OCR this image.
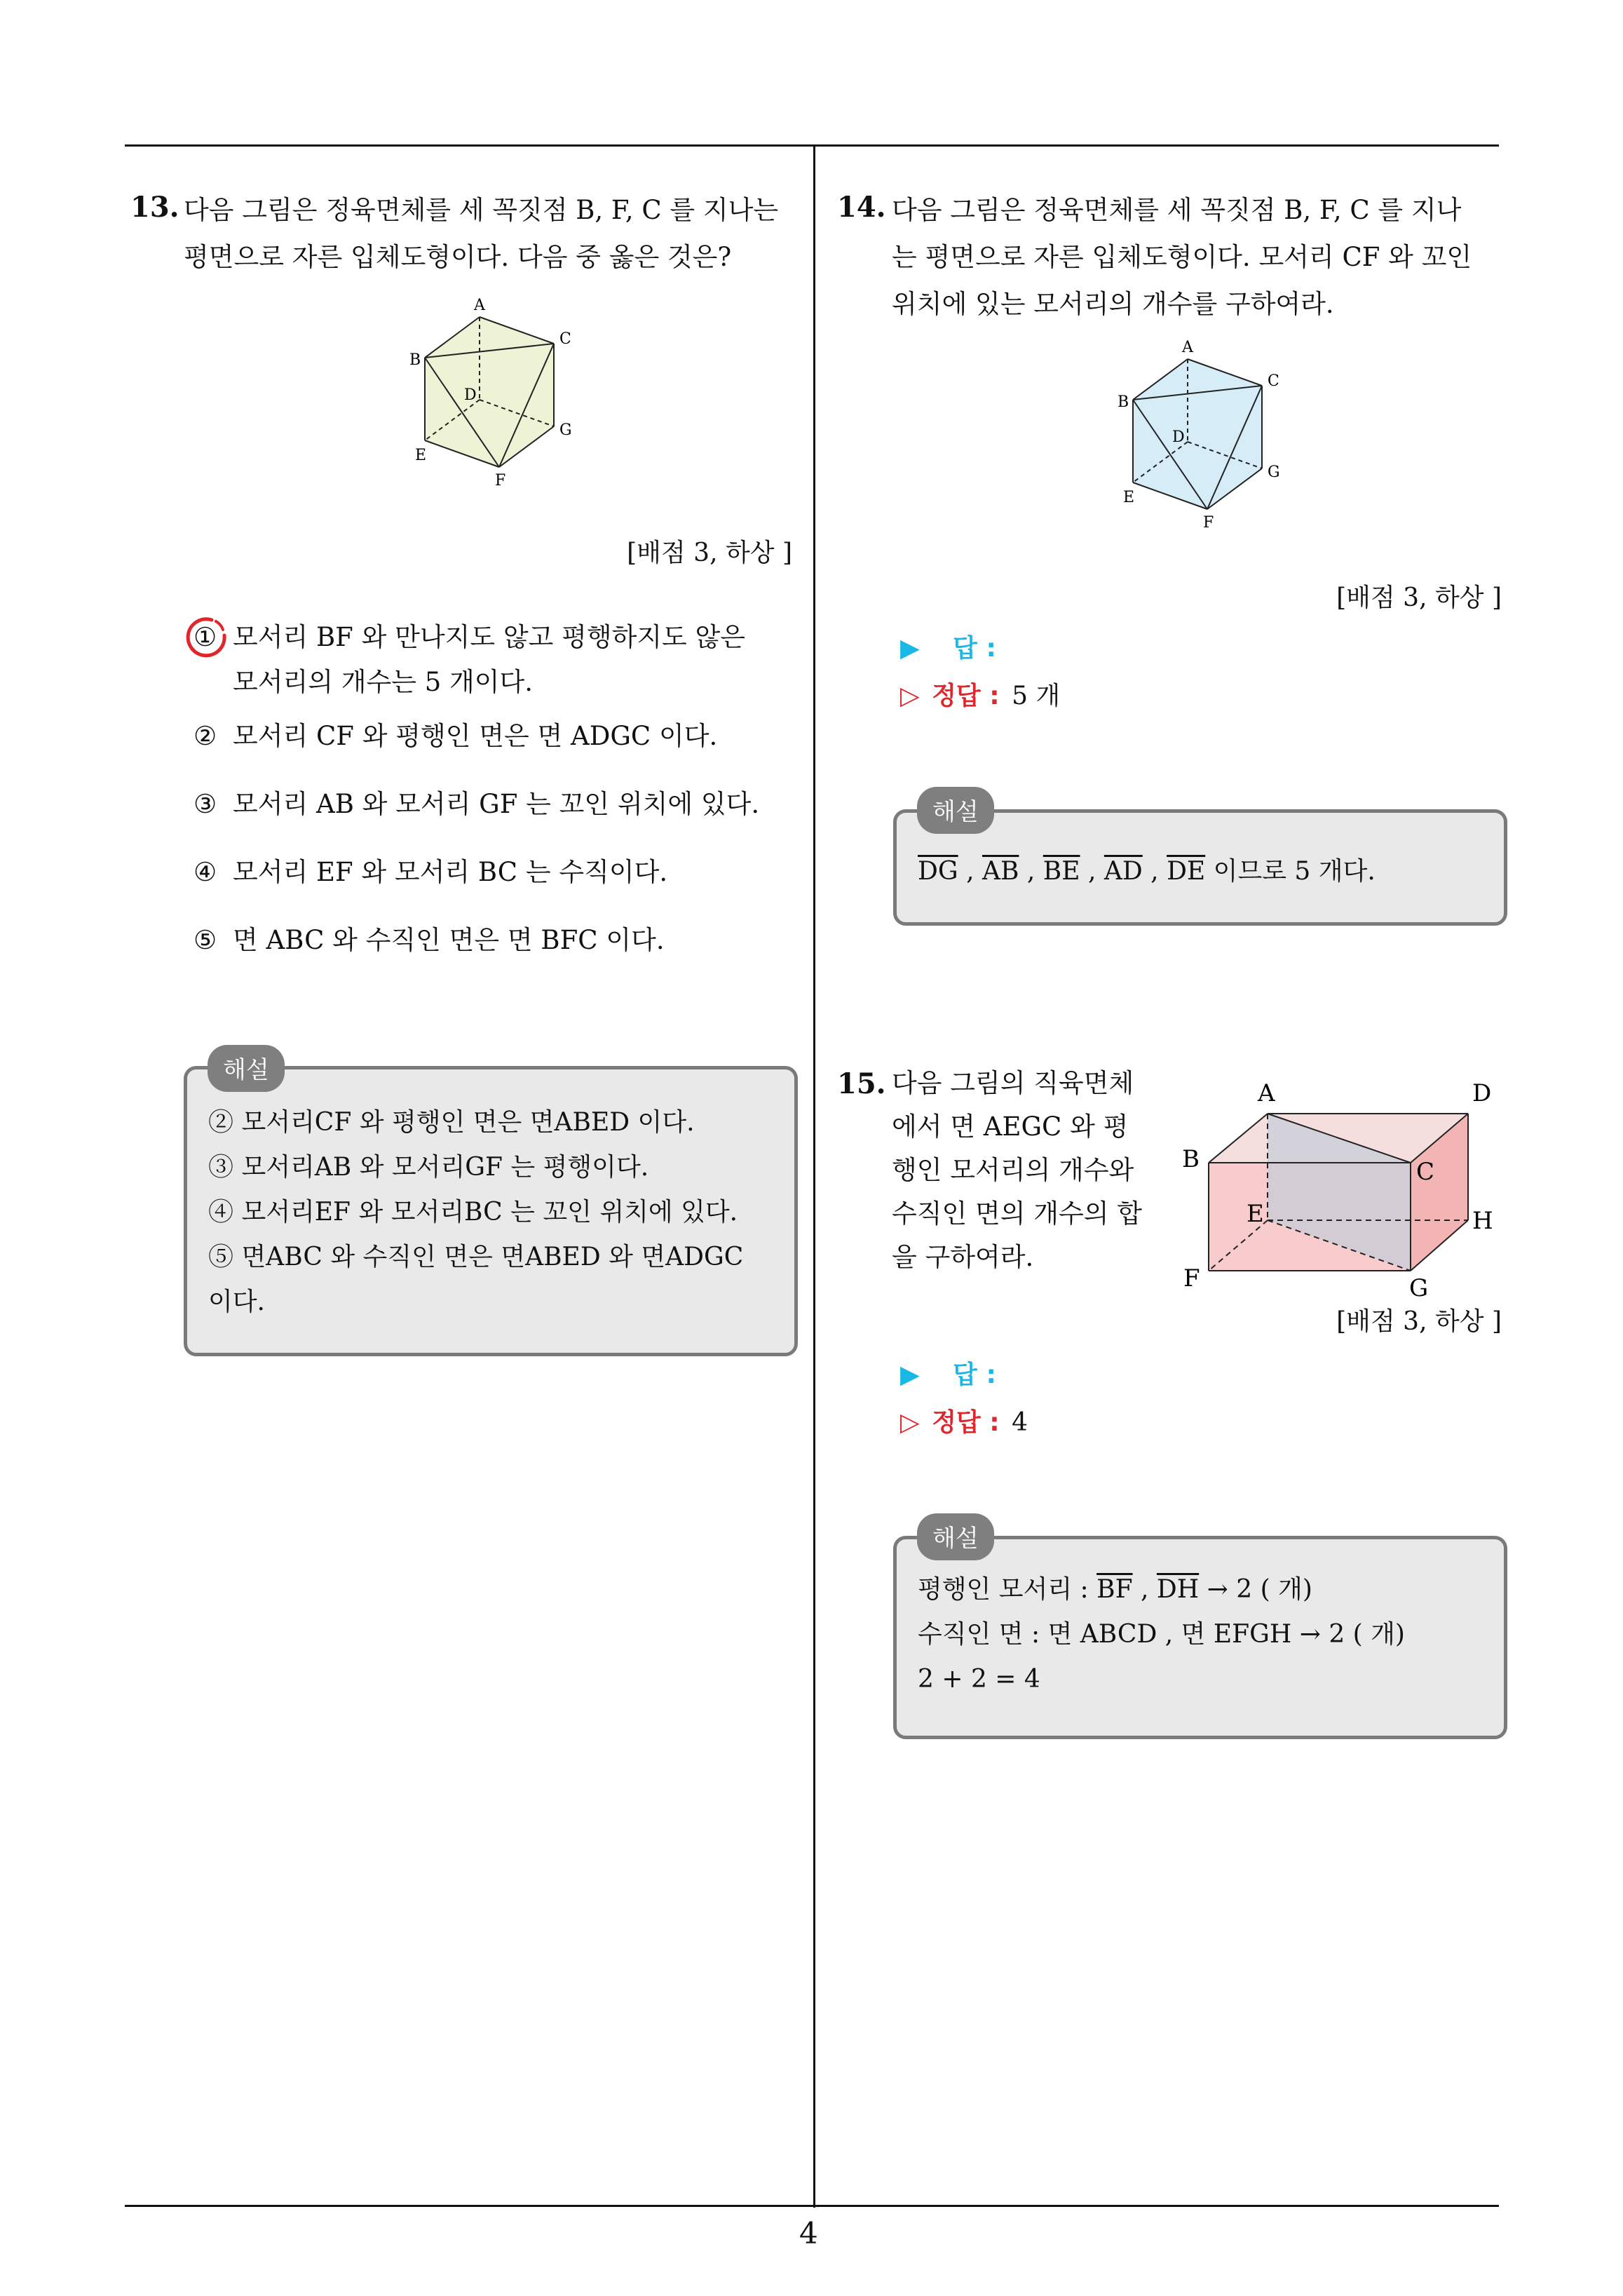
4
13. 다음 그림은 정육면체를 세 꼭짓점 B, F, C 를 지나는
평면으로 자른 입체도형이다. 다음 중 옳은 것은?
A
B
C
D
E
F
G
[배점 3, 하상 ]
① 모서리 BF 와 만나지도 않고 평행하지도 않은
모서리의 개수는 5 개이다.
② 모서리 CF 와 평행인 면은 면 ADGC 이다.
③ 모서리 AB 와 모서리 GF 는 꼬인 위치에 있다.
④ 모서리 EF 와 모서리 BC 는 수직이다.
⑤ 면 ABC 와 수직인 면은 면 BFC 이다.
② 모서리CF 와 평행인 면은 면ABED 이다.
③ 모서리AB 와 모서리GF 는 평행이다.
④ 모서리EF 와 모서리BC 는 꼬인 위치에 있다.
⑤ 면ABC 와 수직인 면은 면ABED 와 면ADGC
이다.
해설
14. 다음 그림은 정육면체를 세 꼭짓점 B, F, C 를 지나
는 평면으로 자른 입체도형이다. 모서리 CF 와 꼬인
위치에 있는 모서리의 개수를 구하여라.
A
B
C
D
E
F
G
[배점 3, 하상 ]
▶ 답 :
▷ 정답 : 5 개
$\overline{DG}$ , $\overline{AB}$ , $\overline{BE}$ , $\overline{AD}$ , $\overline{DE}$ 이므로 5 개다.
해설
15. 다음 그림의 직육면체
에서 면 AEGC 와 평
행인 모서리의 개수와
수직인 면의 개수의 합
을 구하여라.
A
B	C
D
E
F	G
H
[배점 3, 하상 ]
▶ 답 :
▷ 정답 : 4
평행인 모서리 : $\overline{BF}$ , $\overline{DH} \to 2$ ( 개)
수직인 면 : 면 ABCD , 면 EFGH → 2 ( 개)
2 + 2 = 4
해설
